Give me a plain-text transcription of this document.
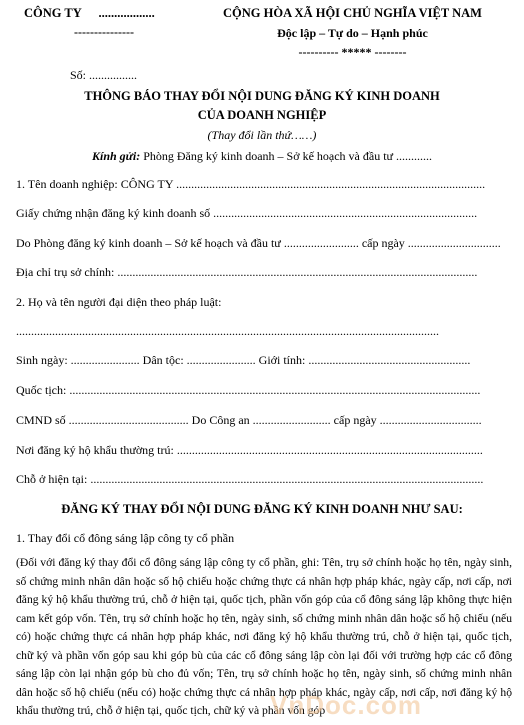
CÔNG TY ..................
---------------
CỘNG HÒA XÃ HỘI CHỦ NGHĨA VIỆT NAM
Độc lập – Tự do – Hạnh phúc
---------- ***** --------
Số: ................
THÔNG BÁO THAY ĐỔI NỘI DUNG ĐĂNG KÝ KINH DOANH
CỦA DOANH NGHIỆP
(Thay đổi lần thứ……)
Kính gửi: Phòng Đăng ký kinh doanh – Sở kế hoạch và đầu tư ............
1. Tên doanh nghiệp: CÔNG TY .......................................................................................................
Giấy chứng nhận đăng ký kinh doanh số ........................................................................................
Do Phòng đăng ký kinh doanh – Sở kế hoạch và đầu tư ......................... cấp ngày ...............................
Địa chỉ trụ sở chính: ........................................................................................................................
2. Họ và tên người đại diện theo pháp luật:
.............................................................................................................................................
Sinh ngày: ....................... Dân tộc: ....................... Giới tính: ......................................................
Quốc tịch: .........................................................................................................................................
CMND số ........................................ Do Công an .......................... cấp ngày ..................................
Nơi đăng ký hộ khẩu thường trú: ......................................................................................................
Chỗ ở hiện tại: ...................................................................................................................................
ĐĂNG KÝ THAY ĐỔI NỘI DUNG ĐĂNG KÝ KINH DOANH NHƯ SAU:
1. Thay đổi cổ đông sáng lập công ty cổ phần
(Đối với đăng ký thay đổi cổ đông sáng lập công ty cổ phần, ghi: Tên, trụ sở chính hoặc họ tên, ngày sinh, số chứng minh nhân dân hoặc số hộ chiếu hoặc chứng thực cá nhân hợp pháp khác, ngày cấp, nơi cấp, nơi đăng ký hộ khẩu thường trú, chỗ ở hiện tại, quốc tịch, phần vốn góp của cổ đông sáng lập không thực hiện cam kết góp vốn. Tên, trụ sở chính hoặc họ tên, ngày sinh, số chứng minh nhân dân hoặc số hộ chiếu (nếu có) hoặc chứng thực cá nhân hợp pháp khác, nơi đăng ký hộ khẩu thường trú, chỗ ở hiện tại, quốc tịch, chữ ký và phần vốn góp sau khi góp bù của các cổ đông sáng lập còn lại đối với trường hợp các cổ đông sáng lập còn lại nhận góp bù cho đủ vốn; Tên, trụ sở chính hoặc họ tên, ngày sinh, số chứng minh nhân dân hoặc số hộ chiếu (nếu có) hoặc chứng thực cá nhân hợp pháp khác, ngày cấp, nơi cấp, nơi đăng ký hộ khẩu thường trú, chỗ ở hiện tại, quốc tịch, chữ ký và phần vốn góp
VnDoc.com
